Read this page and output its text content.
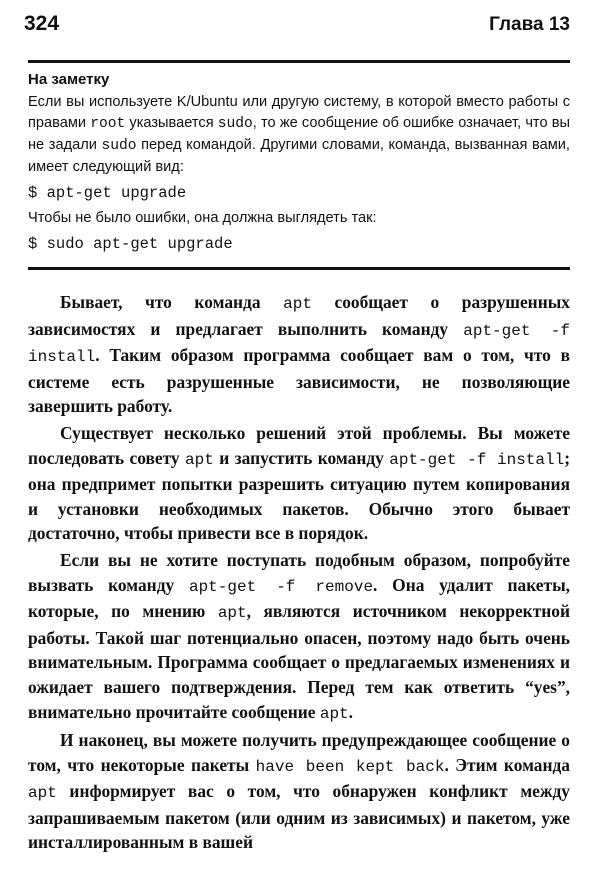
324	Глава 13
На заметку

Если вы используете K/Ubuntu или другую систему, в которой вместо работы с правами root указывается sudo, то же сообщение об ошибке означает, что вы не задали sudo перед командой. Другими словами, команда, вызванная вами, имеет следующий вид:

$ apt-get upgrade

Чтобы не было ошибки, она должна выглядеть так:

$ sudo apt-get upgrade

Бывает, что команда apt сообщает о разрушенных зависимостях и предлагает выполнить команду apt-get -f install. Таким образом программа сообщает вам о том, что в системе есть разрушенные зависимости, не позволяющие завершить работу.

Существует несколько решений этой проблемы. Вы можете последовать совету apt и запустить команду apt-get -f install; она предпримет попытки разрешить ситуацию путем копирования и установки необходимых пакетов. Обычно этого бывает достаточно, чтобы привести все в порядок.

Если вы не хотите поступать подобным образом, попробуйте вызвать команду apt-get -f remove. Она удалит пакеты, которые, по мнению apt, являются источником некорректной работы. Такой шаг потенциально опасен, поэтому надо быть очень внимательным. Программа сообщает о предлагаемых изменениях и ожидает вашего подтверждения. Перед тем как ответить “yes”, внимательно прочитайте сообщение apt.

И наконец, вы можете получить предупреждающее сообщение о том, что некоторые пакеты have been kept back. Этим команда apt информирует вас о том, что обнаружен конфликт между запрашиваемым пакетом (или одним из зависимых) и пакетом, уже инсталлированным в вашей
